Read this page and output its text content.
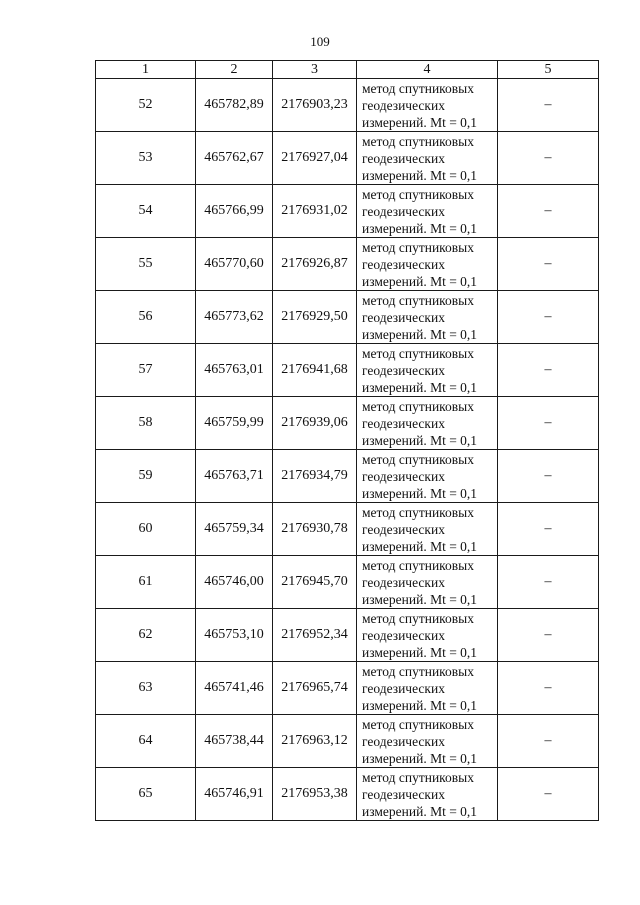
109
1	2	3	4	5
52	465782,89	2176903,23	метод спутниковых
геодезических
измерений. Mt = 0,1	–
53	465762,67	2176927,04	метод спутниковых
геодезических
измерений. Mt = 0,1	–
54	465766,99	2176931,02	метод спутниковых
геодезических
измерений. Mt = 0,1	–
55	465770,60	2176926,87	метод спутниковых
геодезических
измерений. Mt = 0,1	–
56	465773,62	2176929,50	метод спутниковых
геодезических
измерений. Mt = 0,1	–
57	465763,01	2176941,68	метод спутниковых
геодезических
измерений. Mt = 0,1	–
58	465759,99	2176939,06	метод спутниковых
геодезических
измерений. Mt = 0,1	–
59	465763,71	2176934,79	метод спутниковых
геодезических
измерений. Mt = 0,1	–
60	465759,34	2176930,78	метод спутниковых
геодезических
измерений. Mt = 0,1	–
61	465746,00	2176945,70	метод спутниковых
геодезических
измерений. Mt = 0,1	–
62	465753,10	2176952,34	метод спутниковых
геодезических
измерений. Mt = 0,1	–
63	465741,46	2176965,74	метод спутниковых
геодезических
измерений. Mt = 0,1	–
64	465738,44	2176963,12	метод спутниковых
геодезических
измерений. Mt = 0,1	–
65	465746,91	2176953,38	метод спутниковых
геодезических
измерений. Mt = 0,1	–
